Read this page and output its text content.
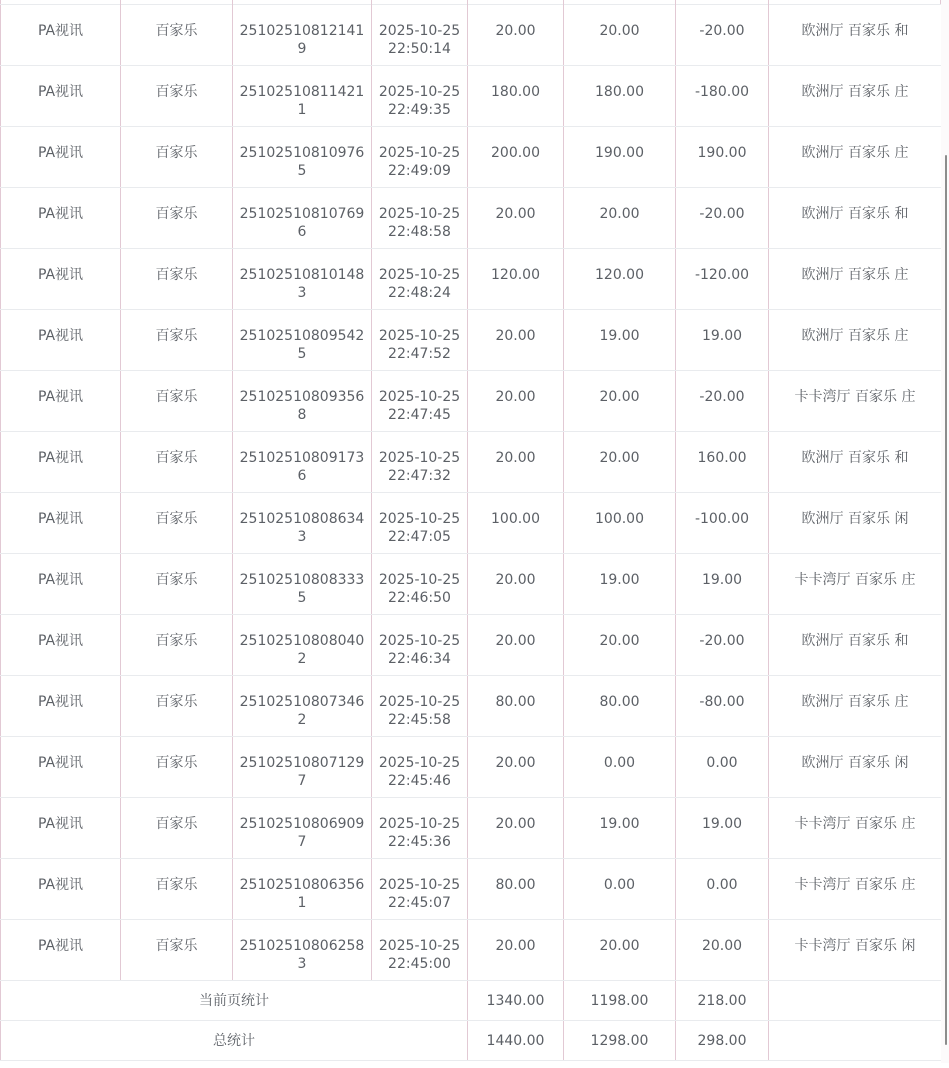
PA视讯	百家乐	251025108121419	2025-10-25 22:50:14	20.00	20.00	-20.00	欧洲厅 百家乐 和
PA视讯	百家乐	251025108114211	2025-10-25 22:49:35	180.00	180.00	-180.00	欧洲厅 百家乐 庄
PA视讯	百家乐	251025108109765	2025-10-25 22:49:09	200.00	190.00	190.00	欧洲厅 百家乐 庄
PA视讯	百家乐	251025108107696	2025-10-25 22:48:58	20.00	20.00	-20.00	欧洲厅 百家乐 和
PA视讯	百家乐	251025108101483	2025-10-25 22:48:24	120.00	120.00	-120.00	欧洲厅 百家乐 庄
PA视讯	百家乐	251025108095425	2025-10-25 22:47:52	20.00	19.00	19.00	欧洲厅 百家乐 庄
PA视讯	百家乐	251025108093568	2025-10-25 22:47:45	20.00	20.00	-20.00	卡卡湾厅 百家乐 庄
PA视讯	百家乐	251025108091736	2025-10-25 22:47:32	20.00	20.00	160.00	欧洲厅 百家乐 和
PA视讯	百家乐	251025108086343	2025-10-25 22:47:05	100.00	100.00	-100.00	欧洲厅 百家乐 闲
PA视讯	百家乐	251025108083335	2025-10-25 22:46:50	20.00	19.00	19.00	卡卡湾厅 百家乐 庄
PA视讯	百家乐	251025108080402	2025-10-25 22:46:34	20.00	20.00	-20.00	欧洲厅 百家乐 和
PA视讯	百家乐	251025108073462	2025-10-25 22:45:58	80.00	80.00	-80.00	欧洲厅 百家乐 庄
PA视讯	百家乐	251025108071297	2025-10-25 22:45:46	20.00	0.00	0.00	欧洲厅 百家乐 闲
PA视讯	百家乐	251025108069097	2025-10-25 22:45:36	20.00	19.00	19.00	卡卡湾厅 百家乐 庄
PA视讯	百家乐	251025108063561	2025-10-25 22:45:07	80.00	0.00	0.00	卡卡湾厅 百家乐 庄
PA视讯	百家乐	251025108062583	2025-10-25 22:45:00	20.00	20.00	20.00	卡卡湾厅 百家乐 闲
当前页统计				1340.00	1198.00	218.00	
总统计				1440.00	1298.00	298.00	
